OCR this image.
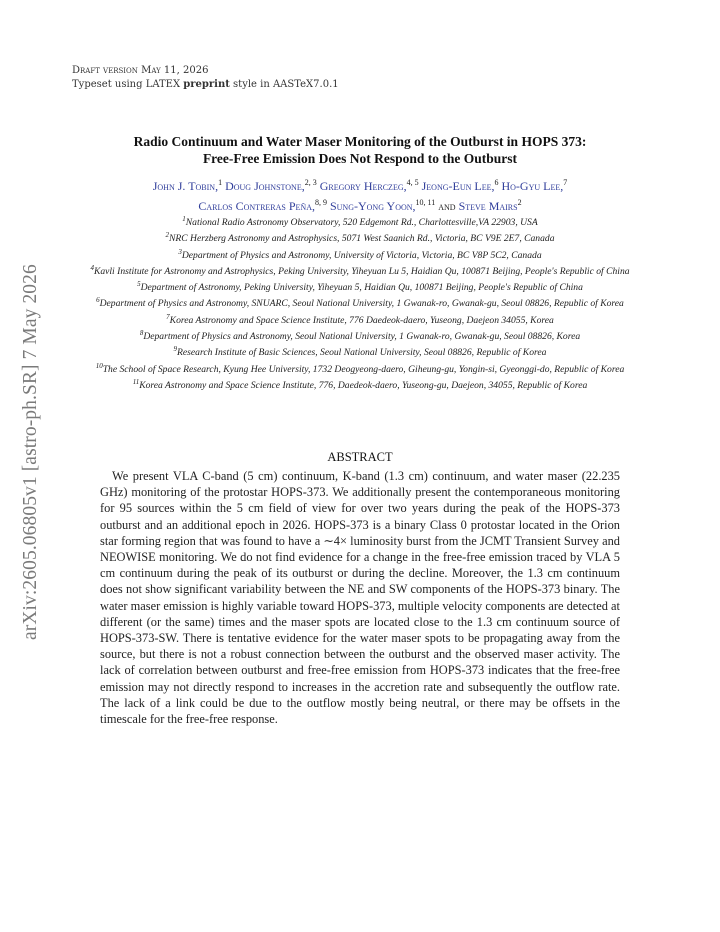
arXiv:2605.06805v1 [astro-ph.SR] 7 May 2026
Draft version May 11, 2026
Typeset using LATEX preprint style in AASTeX7.0.1
Radio Continuum and Water Maser Monitoring of the Outburst in HOPS 373:
Free-Free Emission Does Not Respond to the Outburst
John J. Tobin,$^1$ Doug Johnstone,$^{2, 3}$ Gregory Herczeg,$^{4, 5}$ Jeong-Eun Lee,$^6$ Ho-Gyu Lee,$^7$
Carlos Contreras Peña,$^{8, 9}$ Sung-Yong Yoon,$^{10, 11}$ and Steve Mairs$^2$

$^1$National Radio Astronomy Observatory, 520 Edgemont Rd., Charlottesville,VA 22903, USA

$^2$NRC Herzberg Astronomy and Astrophysics, 5071 West Saanich Rd., Victoria, BC V9E 2E7, Canada

$^3$Department of Physics and Astronomy, University of Victoria, Victoria, BC V8P 5C2, Canada

$^4$Kavli Institute for Astronomy and Astrophysics, Peking University, Yiheyuan Lu 5, Haidian Qu, 100871 Beijing, People's Republic of China

$^5$Department of Astronomy, Peking University, Yiheyuan 5, Haidian Qu, 100871 Beijing, People's Republic of China

$^6$Department of Physics and Astronomy, SNUARC, Seoul National University, 1 Gwanak-ro, Gwanak-gu, Seoul 08826, Republic of Korea

$^7$Korea Astronomy and Space Science Institute, 776 Daedeok-daero, Yuseong, Daejeon 34055, Korea

$^8$Department of Physics and Astronomy, Seoul National University, 1 Gwanak-ro, Gwanak-gu, Seoul 08826, Korea

$^9$Research Institute of Basic Sciences, Seoul National University, Seoul 08826, Republic of Korea

$^{10}$The School of Space Research, Kyung Hee University, 1732 Deogyeong-daero, Giheung-gu, Yongin-si, Gyeonggi-do, Republic of Korea

$^{11}$Korea Astronomy and Space Science Institute, 776, Daedeok-daero, Yuseong-gu, Daejeon, 34055, Republic of Korea

ABSTRACT

We present VLA C-band (5 cm) continuum, K-band (1.3 cm) continuum, and water maser (22.235 GHz) monitoring of the protostar HOPS-373. We additionally present the contemporaneous monitoring for 95 sources within the 5 cm field of view for over two years during the peak of the HOPS-373 outburst and an additional epoch in 2026. HOPS-373 is a binary Class 0 protostar located in the Orion star forming region that was found to have a ∼4× luminosity burst from the JCMT Transient Survey and NEOWISE monitoring. We do not find evidence for a change in the free-free emission traced by VLA 5 cm continuum during the peak of its outburst or during the decline. Moreover, the 1.3 cm continuum does not show significant variability between the NE and SW components of the HOPS-373 binary. The water maser emission is highly variable toward HOPS-373, multiple velocity components are detected at different (or the same) times and the maser spots are located close to the 1.3 cm continuum source of HOPS-373-SW. There is tentative evidence for the water maser spots to be propagating away from the source, but there is not a robust connection between the outburst and the observed maser activity. The lack of correlation between outburst and free-free emission from HOPS-373 indicates that the free-free emission may not directly respond to increases in the accretion rate and subsequently the outflow rate. The lack of a link could be due to the outflow mostly being neutral, or there may be offsets in the timescale for the free-free response.
